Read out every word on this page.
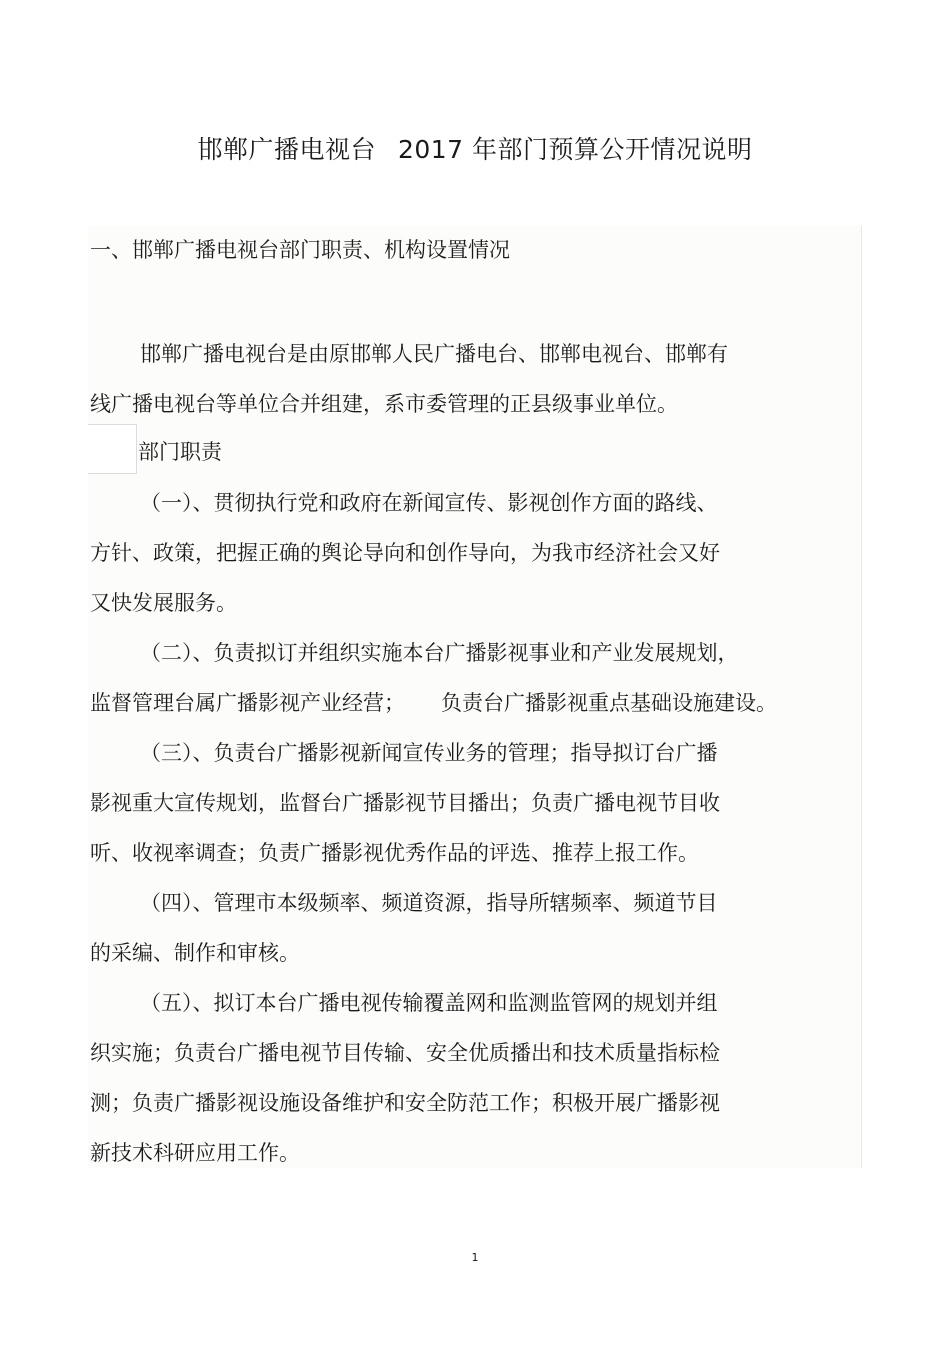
邯郸广播电视台 2017 年部门预算公开情况说明
一、邯郸广播电视台部门职责、机构设置情况
邯郸广播电视台是由原邯郸人民广播电台、邯郸电视台、邯郸有
线广播电视台等单位合并组建，系市委管理的正县级事业单位。
部门职责
（一）、贯彻执行党和政府在新闻宣传、影视创作方面的路线、
方针、政策，把握正确的舆论导向和创作导向，为我市经济社会又好
又快发展服务。
（二）、负责拟订并组织实施本台广播影视事业和产业发展规划，
监督管理台属广播影视产业经营； 负责台广播影视重点基础设施建设。
（三）、负责台广播影视新闻宣传业务的管理；指导拟订台广播
影视重大宣传规划，监督台广播影视节目播出；负责广播电视节目收
听、收视率调查；负责广播影视优秀作品的评选、推荐上报工作。
（四）、管理市本级频率、频道资源，指导所辖频率、频道节目
的采编、制作和审核。
（五）、拟订本台广播电视传输覆盖网和监测监管网的规划并组
织实施；负责台广播电视节目传输、安全优质播出和技术质量指标检
测；负责广播影视设施设备维护和安全防范工作；积极开展广播影视
新技术科研应用工作。
1
